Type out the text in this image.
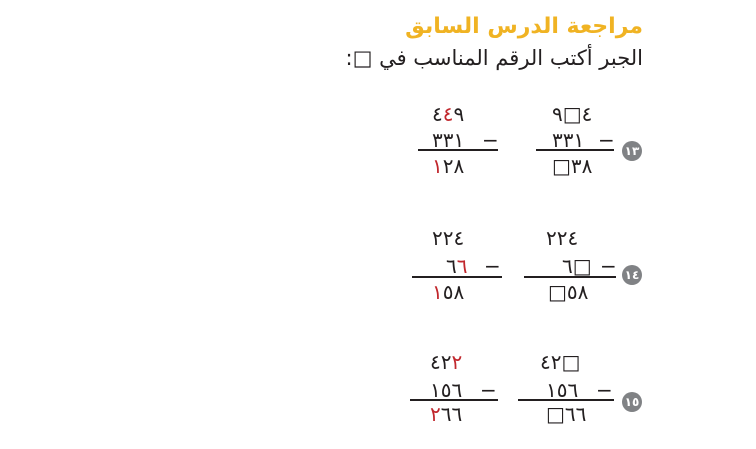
مراجعة الدرس السابق

الجبر أكتب الرقم المناسب في □:

١٣
٤□٩
٣٣١ −
□٣٨
٤٤٩
٣٣١ −
١٢٨
١٤
٢٢٤
٦□ −
□٥٨
٢٢٤
٦٦ −
١٥٨
١٥
٤٢□
١٥٦ −
□٦٦
٤٢٢
١٥٦ −
٢٦٦
